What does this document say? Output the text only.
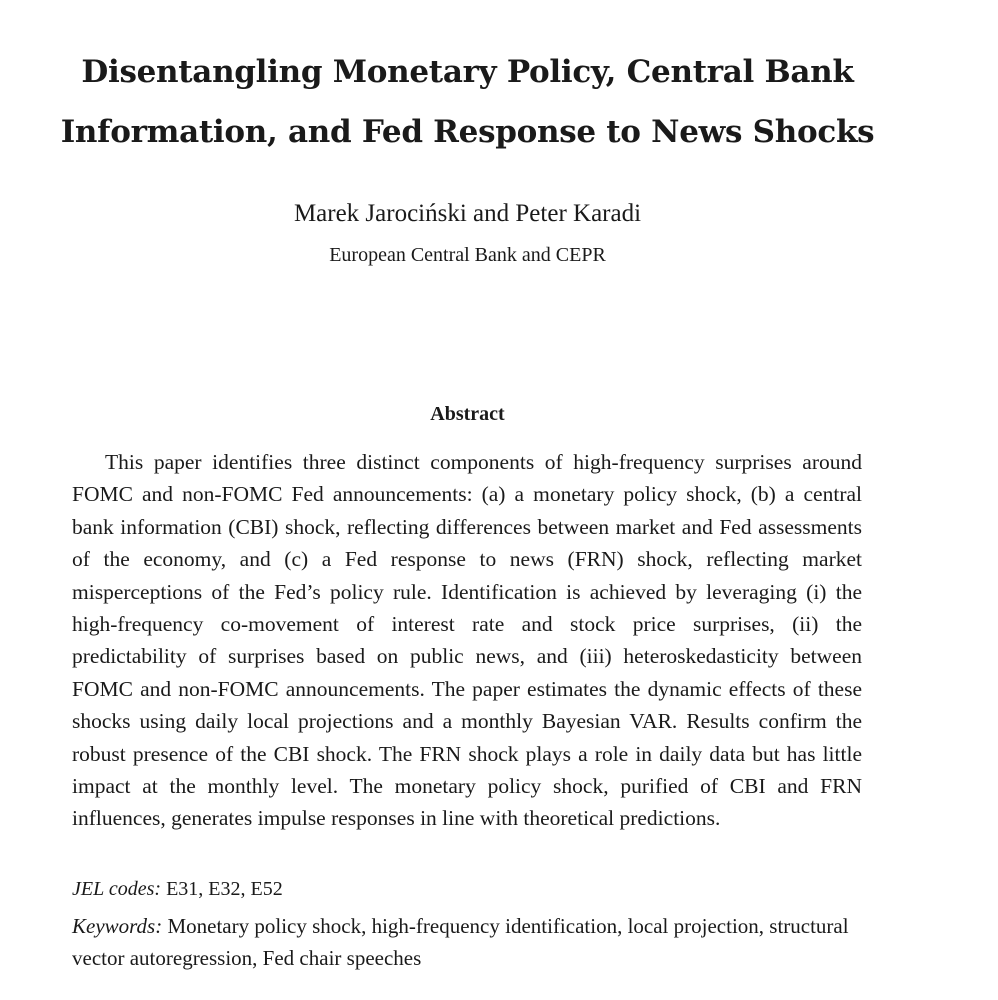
Disentangling Monetary Policy, Central Bank
Information, and Fed Response to News Shocks
Marek Jarociński and Peter Karadi
European Central Bank and CEPR
Abstract

This paper identifies three distinct components of high-frequency surprises around FOMC and non-FOMC Fed announcements: (a) a monetary policy shock, (b) a central bank information (CBI) shock, reflecting differences between market and Fed assessments of the economy, and (c) a Fed response to news (FRN) shock, reflecting market misperceptions of the Fed’s policy rule. Identification is achieved by leveraging (i) the high-frequency co-movement of interest rate and stock price surprises, (ii) the predictability of surprises based on public news, and (iii) heteroskedasticity between FOMC and non-FOMC announcements. The paper estimates the dynamic effects of these shocks using daily local projections and a monthly Bayesian VAR. Results confirm the robust presence of the CBI shock. The FRN shock plays a role in daily data but has little impact at the monthly level. The monetary policy shock, purified of CBI and FRN influences, generates impulse responses in line with theoretical predictions.

JEL codes: E31, E32, E52
Keywords: Monetary policy shock, high-frequency identification, local projection, structural vector autoregression, Fed chair speeches
